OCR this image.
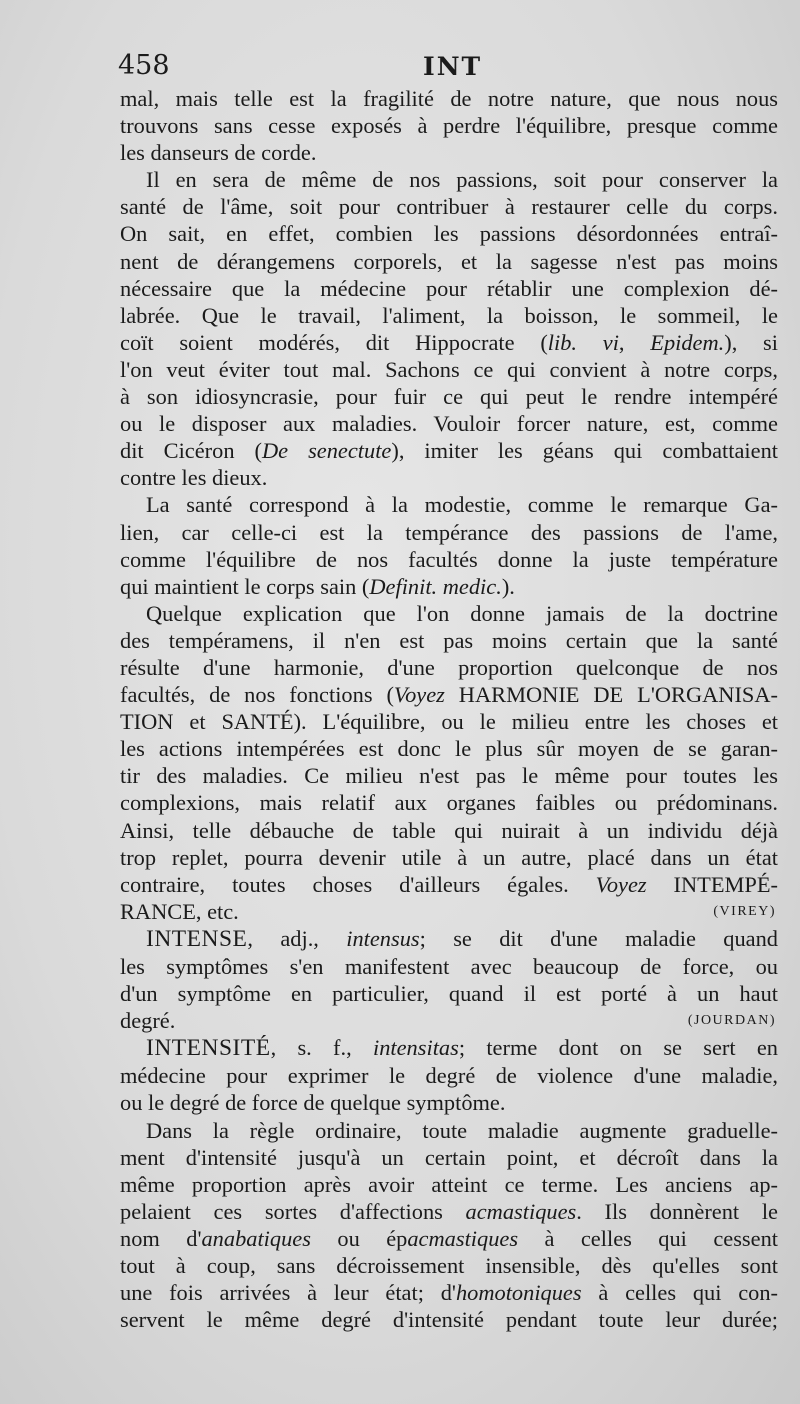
458	INT
mal, mais telle est la fragilité de notre nature, que nous nous
trouvons sans cesse exposés à perdre l'équilibre, presque comme
les danseurs de corde.
Il en sera de même de nos passions, soit pour conserver la
santé de l'âme, soit pour contribuer à restaurer celle du corps.
On sait, en effet, combien les passions désordonnées entraî-
nent de dérangemens corporels, et la sagesse n'est pas moins
nécessaire que la médecine pour rétablir une complexion dé-
labrée. Que le travail, l'aliment, la boisson, le sommeil, le
coït soient modérés, dit Hippocrate (lib. vi, Epidem.), si
l'on veut éviter tout mal. Sachons ce qui convient à notre corps,
à son idiosyncrasie, pour fuir ce qui peut le rendre intempéré
ou le disposer aux maladies. Vouloir forcer nature, est, comme
dit Cicéron (De senectute), imiter les géans qui combattaient
contre les dieux.
La santé correspond à la modestie, comme le remarque Ga-
lien, car celle-ci est la tempérance des passions de l'ame,
comme l'équilibre de nos facultés donne la juste température
qui maintient le corps sain (Definit. medic.).
Quelque explication que l'on donne jamais de la doctrine
des tempéramens, il n'en est pas moins certain que la santé
résulte d'une harmonie, d'une proportion quelconque de nos
facultés, de nos fonctions (Voyez HARMONIE DE L'ORGANISA-
TION et SANTÉ). L'équilibre, ou le milieu entre les choses et
les actions intempérées est donc le plus sûr moyen de se garan-
tir des maladies. Ce milieu n'est pas le même pour toutes les
complexions, mais relatif aux organes faibles ou prédominans.
Ainsi, telle débauche de table qui nuirait à un individu déjà
trop replet, pourra devenir utile à un autre, placé dans un état
contraire, toutes choses d'ailleurs égales. Voyez INTEMPÉ-
RANCE, etc.	(VIREY)
INTENSE, adj., intensus; se dit d'une maladie quand
les symptômes s'en manifestent avec beaucoup de force, ou
d'un symptôme en particulier, quand il est porté à un haut
degré.	(JOURDAN)
INTENSITÉ, s. f., intensitas; terme dont on se sert en
médecine pour exprimer le degré de violence d'une maladie,
ou le degré de force de quelque symptôme.
Dans la règle ordinaire, toute maladie augmente graduelle-
ment d'intensité jusqu'à un certain point, et décroît dans la
même proportion après avoir atteint ce terme. Les anciens ap-
pelaient ces sortes d'affections acmastiques. Ils donnèrent le
nom d'anabatiques ou épacmastiques à celles qui cessent
tout à coup, sans décroissement insensible, dès qu'elles sont
une fois arrivées à leur état; d'homotoniques à celles qui con-
servent le même degré d'intensité pendant toute leur durée;
